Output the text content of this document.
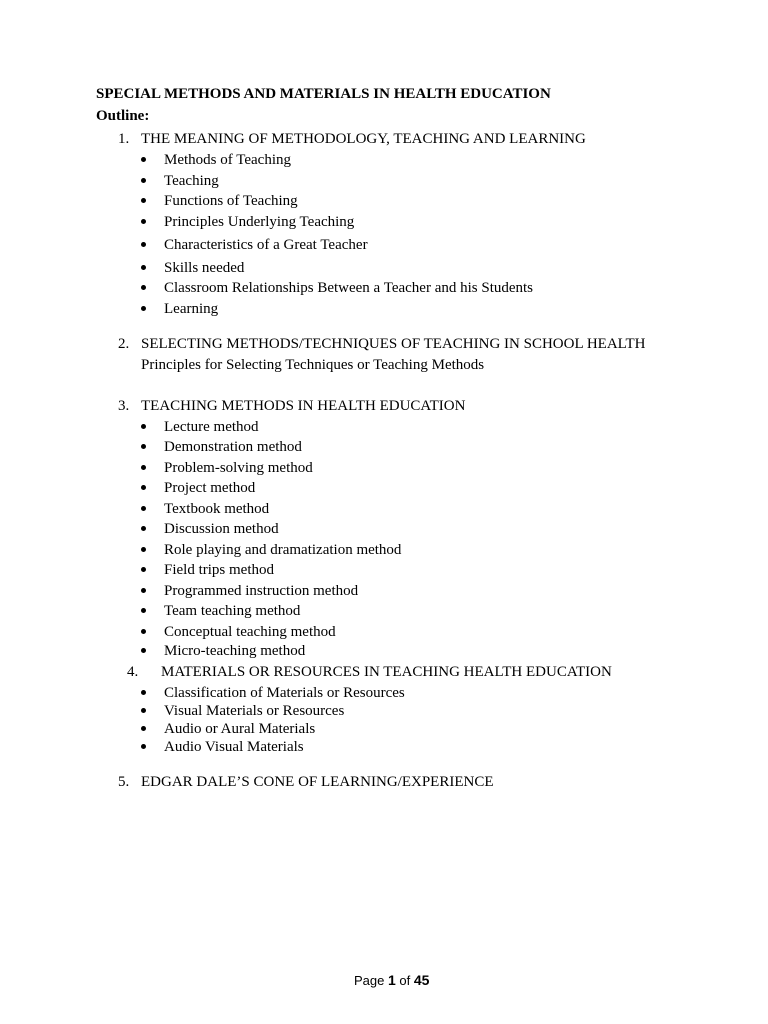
SPECIAL METHODS AND MATERIALS IN HEALTH EDUCATION
Outline:
1. THE MEANING OF METHODOLOGY, TEACHING AND LEARNING
Methods of Teaching
Teaching
Functions of Teaching
Principles Underlying Teaching
Characteristics of a Great Teacher
Skills needed
Classroom Relationships Between a Teacher and his Students
Learning
2. SELECTING METHODS/TECHNIQUES OF TEACHING IN SCHOOL HEALTH
Principles for Selecting Techniques or Teaching Methods
3. TEACHING METHODS IN HEALTH EDUCATION
Lecture method
Demonstration method
Problem-solving method
Project method
Textbook method
Discussion method
Role playing and dramatization method
Field trips method
Programmed instruction method
Team teaching method
Conceptual teaching method
Micro-teaching method
4. MATERIALS OR RESOURCES IN TEACHING HEALTH EDUCATION
Classification of Materials or Resources
Visual Materials or Resources
Audio or Aural Materials
Audio Visual Materials
5. EDGAR DALE’S CONE OF LEARNING/EXPERIENCE
Page 1 of 45
